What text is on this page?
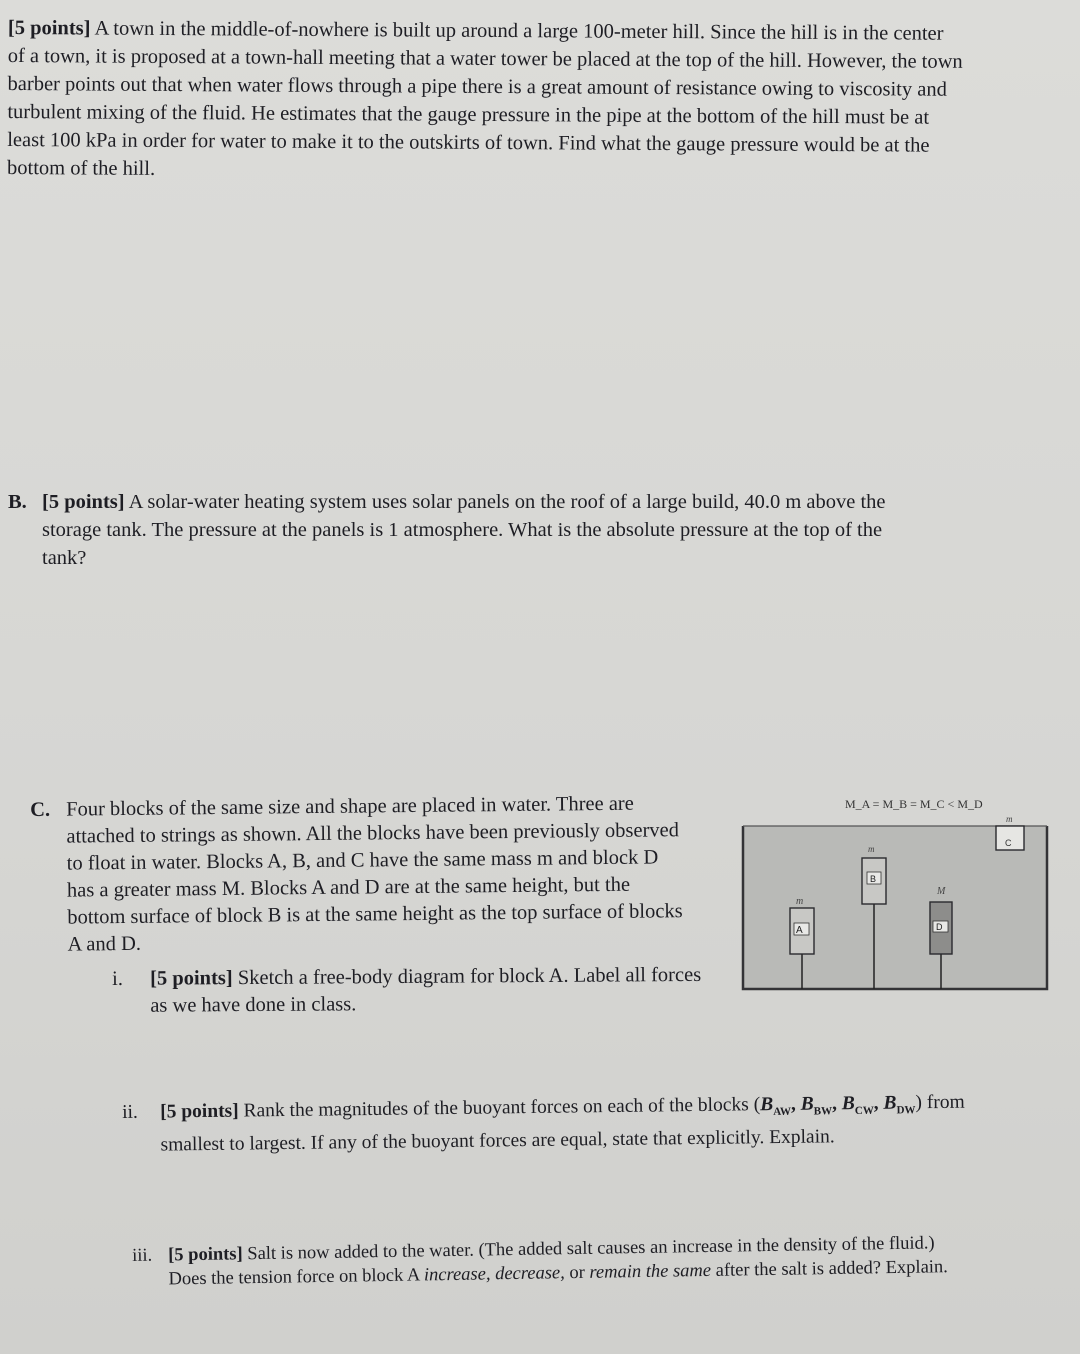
[5 points] A town in the middle-of-nowhere is built up around a large 100-meter hill. Since the hill is in the center
of a town, it is proposed at a town-hall meeting that a water tower be placed at the top of the hill. However, the town
barber points out that when water flows through a pipe there is a great amount of resistance owing to viscosity and
turbulent mixing of the fluid. He estimates that the gauge pressure in the pipe at the bottom of the hill must be at
least 100 kPa in order for water to make it to the outskirts of town. Find what the gauge pressure would be at the
bottom of the hill.
B. [5 points] A solar-water heating system uses solar panels on the roof of a large build, 40.0 m above the
storage tank. The pressure at the panels is 1 atmosphere. What is the absolute pressure at the top of the
tank?
C. Four blocks of the same size and shape are placed in water. Three are
attached to strings as shown. All the blocks have been previously observed
to float in water. Blocks A, B, and C have the same mass m and block D
has a greater mass M. Blocks A and D are at the same height, but the
bottom surface of block B is at the same height as the top surface of blocks
A and D.
i. [5 points] Sketch a free-body diagram for block A. Label all forces
as we have done in class.
ii. [5 points] Rank the magnitudes of the buoyant forces on each of the blocks ($B_{AW}$, $B_{BW}$, $B_{CW}$, $B_{DW}$) from
smallest to largest. If any of the buoyant forces are equal, state that explicitly. Explain.
iii. [5 points] Salt is now added to the water. (The added salt causes an increase in the density of the fluid.)
Does the tension force on block A increase, decrease, or remain the same after the salt is added? Explain.
M_A = M_B = M_C < M_D
A
m
B
m
C
m
D
M
